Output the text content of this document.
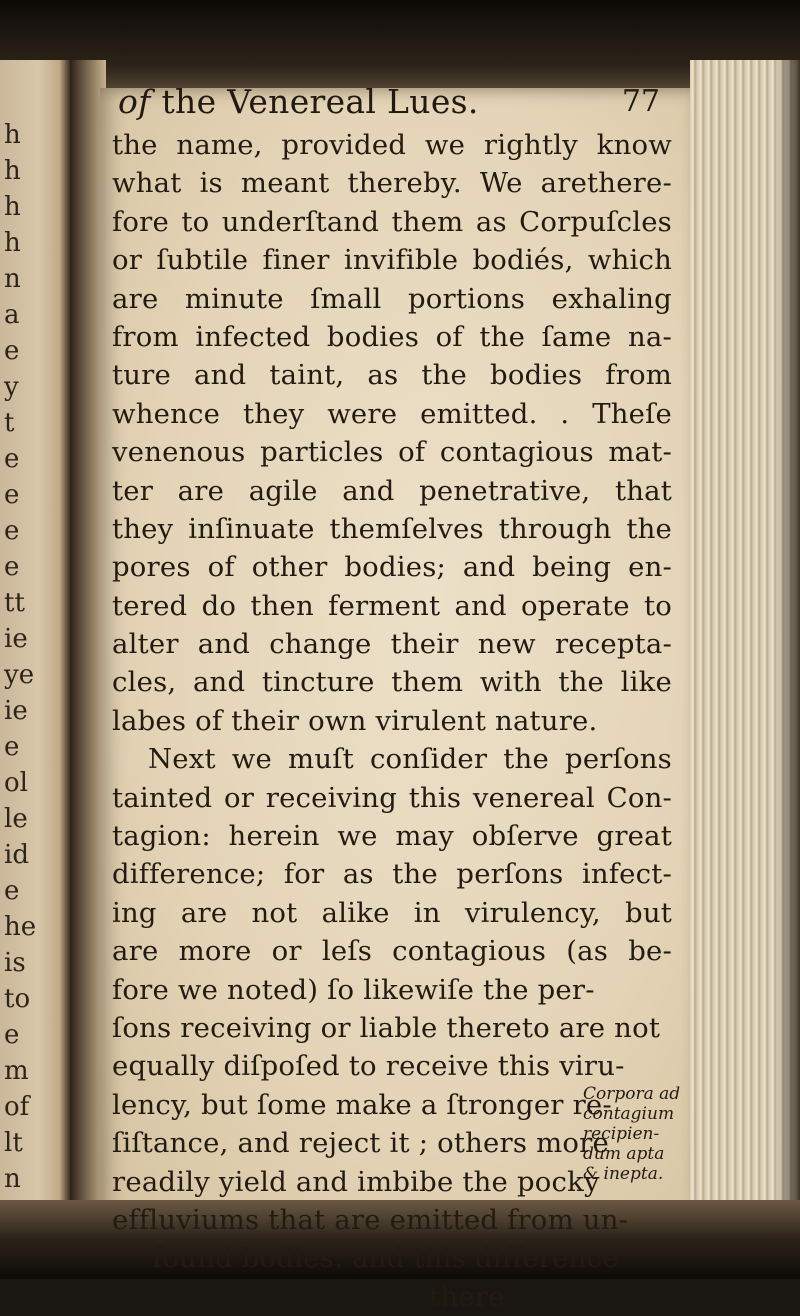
h
h
h
h
n
a
e
y
t
e
e
e
e
tt
ie
ye
ie
e
ol
le
id
e
he
is
to
e
m
of
lt
n
of the Venereal Lues.	77
the name, provided we rightly know
what is meant thereby. We arethere-
fore to underſtand them as Corpuſcles
or ſubtile finer invifible bodiés, which
are minute ſmall portions exhaling
from infected bodies of the ſame na-
ture and taint, as the bodies from
whence they were emitted. . Theſe
venenous particles of contagious mat-
ter are agile and penetrative, that
they inſinuate themſelves through the
pores of other bodies; and being en-
tered do then ferment and operate to
alter and change their new recepta-
cles, and tincture them with the like
labes of their own virulent nature.
Next we muſt conſider the perſons
tainted or receiving this venereal Con-
tagion: herein we may obſerve great
difference; for as the perſons infect-
ing are not alike in virulency, but
are more or leſs contagious (as be-
fore we noted) ſo likewiſe the per-
ſons receiving or liable thereto are not
equally diſpoſed to receive this viru-
lency, but ſome make a ſtronger re-
ſiſtance, and reject it ; others more
readily yield and imbibe the pocky
effluviums that are emitted from un-
ſound bodies: and this difference
there
Corpora ad
contagium
recipien-
dum apta
& inepta.
